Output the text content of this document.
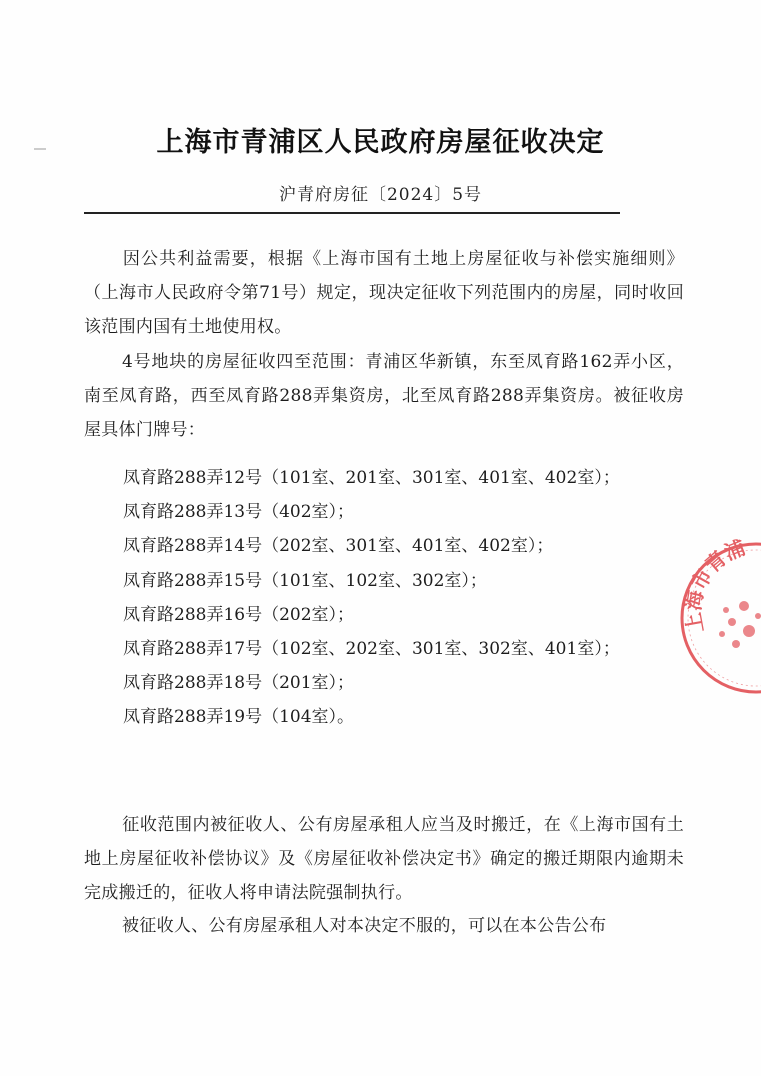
上海市青浦区人民政府房屋征收决定
沪青府房征〔2024〕5号
因公共利益需要，根据《上海市国有土地上房屋征收与补偿实施细则》（上海市人民政府令第71号）规定，现决定征收下列范围内的房屋，同时收回该范围内国有土地使用权。
4号地块的房屋征收四至范围：青浦区华新镇，东至凤育路162弄小区，南至凤育路，西至凤育路288弄集资房，北至凤育路288弄集资房。被征收房屋具体门牌号：
凤育路288弄12号（101室、201室、301室、401室、402室）；
凤育路288弄13号（402室）；
凤育路288弄14号（202室、301室、401室、402室）；
凤育路288弄15号（101室、102室、302室）；
凤育路288弄16号（202室）；
凤育路288弄17号（102室、202室、301室、302室、401室）；
凤育路288弄18号（201室）；
凤育路288弄19号（104室）。
征收范围内被征收人、公有房屋承租人应当及时搬迁，在《上海市国有土地上房屋征收补偿协议》及《房屋征收补偿决定书》确定的搬迁期限内逾期未完成搬迁的，征收人将申请法院强制执行。
被征收人、公有房屋承租人对本决定不服的，可以在本公告公布
上海市青浦
